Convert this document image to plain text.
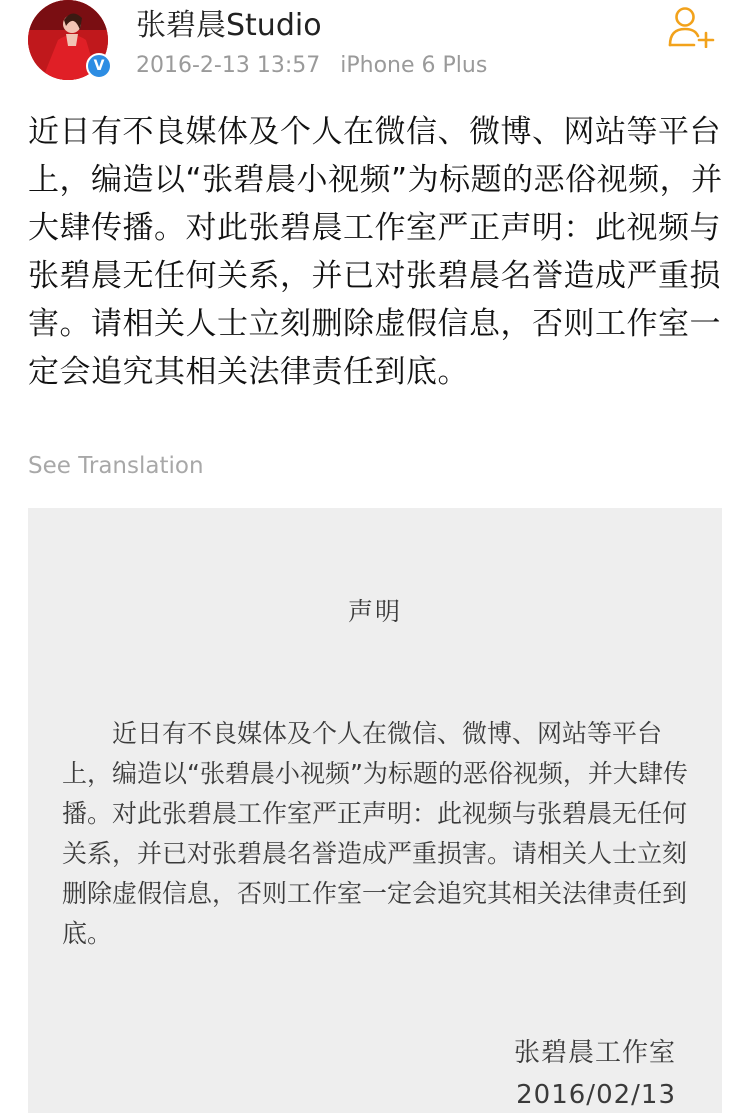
V
张碧晨Studio
2016-2-13 13:57 iPhone 6 Plus

近日有不良媒体及个人在微信、微博、网站等平台上，编造以“张碧晨小视频”为标题的恶俗视频，并大肆传播。对此张碧晨工作室严正声明：此视频与张碧晨无任何关系，并已对张碧晨名誉造成严重损害。请相关人士立刻删除虚假信息，否则工作室一定会追究其相关法律责任到底。

See Translation
声明

近日有不良媒体及个人在微信、微博、网站等平台上，编造以“张碧晨小视频”为标题的恶俗视频，并大肆传播。对此张碧晨工作室严正声明：此视频与张碧晨无任何关系，并已对张碧晨名誉造成严重损害。请相关人士立刻删除虚假信息，否则工作室一定会追究其相关法律责任到底。

张碧晨工作室
2016/02/13
